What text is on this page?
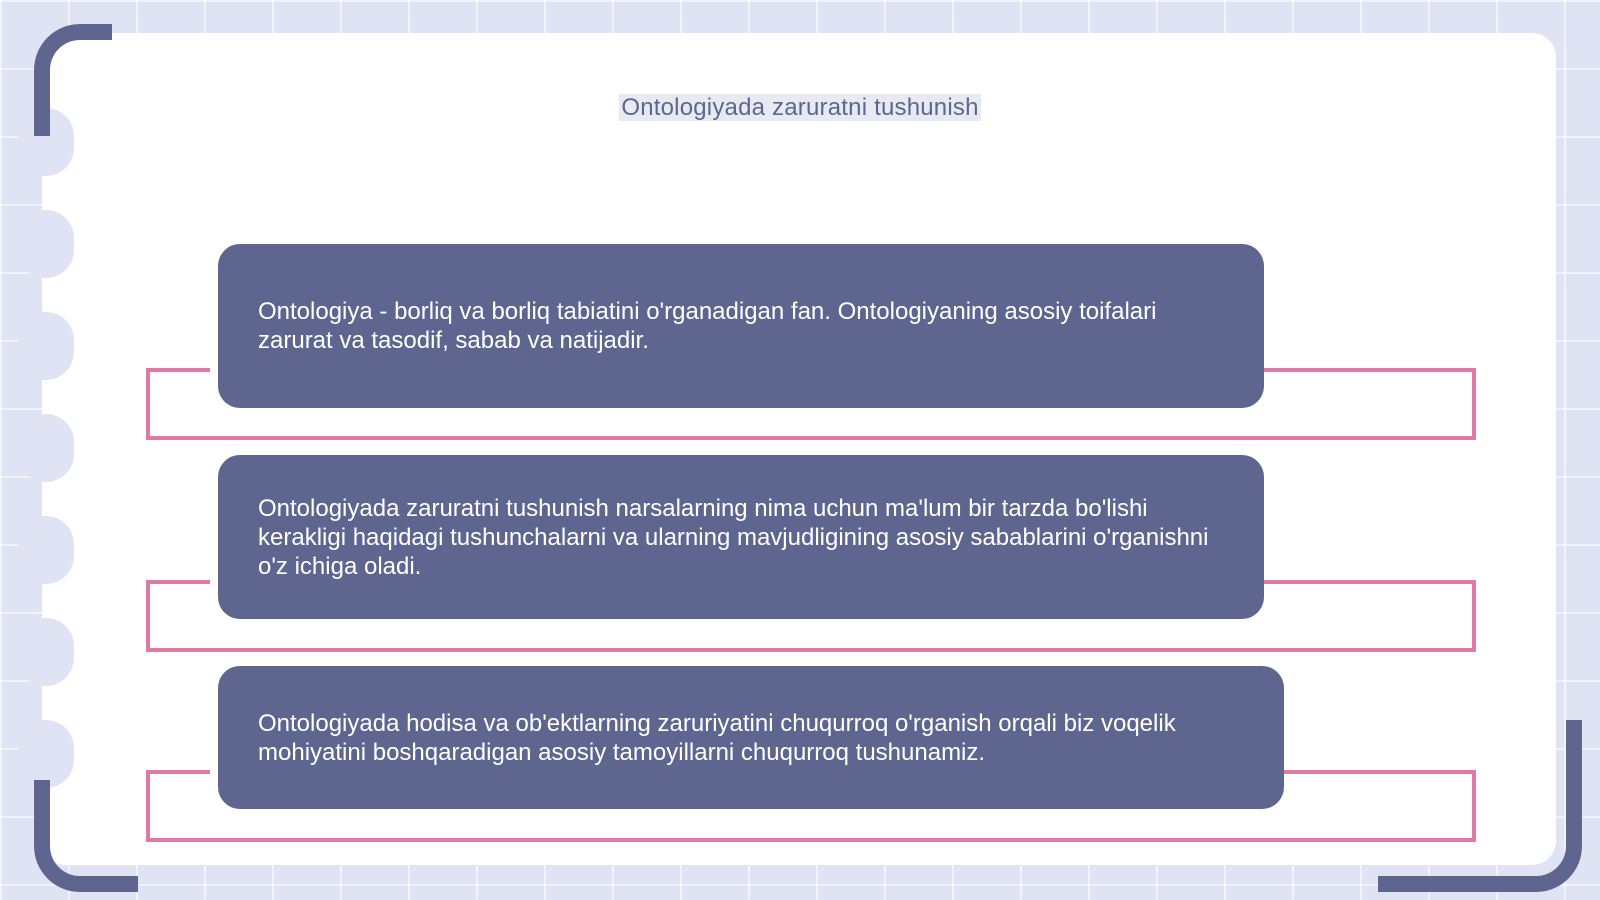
Ontologiyada zaruratni tushunish

Ontologiya - borliq va borliq tabiatini o'rganadigan fan. Ontologiyaning asosiy toifalari zarurat va tasodif, sabab va natijadir.

Ontologiyada zaruratni tushunish narsalarning nima uchun ma'lum bir tarzda bo'lishi kerakligi haqidagi tushunchalarni va ularning mavjudligining asosiy sabablarini o'rganishni o'z ichiga oladi.

Ontologiyada hodisa va ob'ektlarning zaruriyatini chuqurroq o'rganish orqali biz voqelik mohiyatini boshqaradigan asosiy tamoyillarni chuqurroq tushunamiz.
